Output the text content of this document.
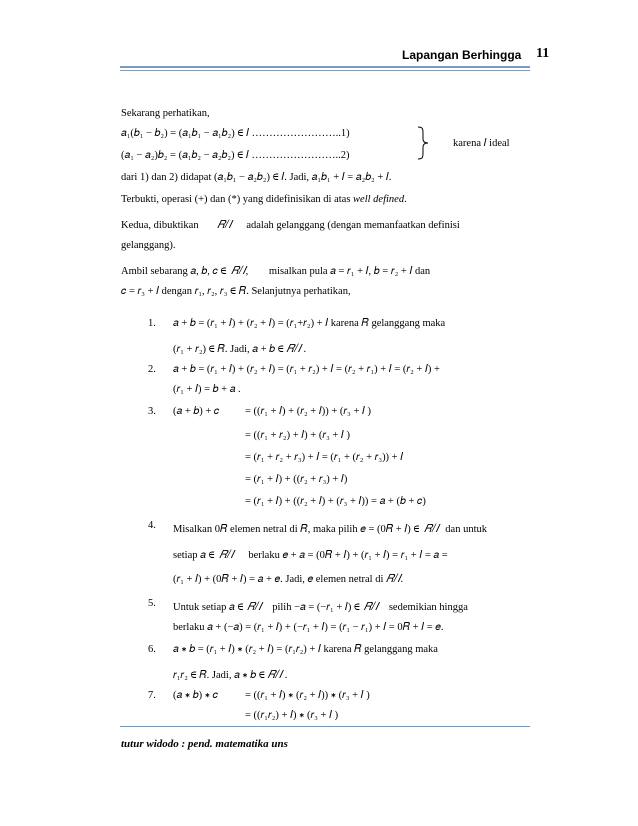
Lapangan Berhingga 11
Sekarang perhatikan,
𝑎₁(𝑏₁ − 𝑏₂) = (𝑎₁𝑏₁ − 𝑎₁𝑏₂) ∈ 𝐼 ……………………..1)
(𝑎₁ − 𝑎₂)𝑏₂ = (𝑎₁𝑏₂ − 𝑎₂𝑏₂) ∈ 𝐼 ……………………..2)
karena 𝐼 ideal
dari 1) dan 2) didapat (𝑎₁𝑏₁ − 𝑎₂𝑏₂) ∈ 𝐼. Jadi, 𝑎₁𝑏₁ + 𝐼 = 𝑎₂𝑏₂ + 𝐼.
Terbukti, operasi (+) dan (*) yang didefinisikan di atas well defined.
Kedua, dibuktikan 𝑅/𝐼 adalah gelanggang (dengan memanfaatkan definisi
gelanggang).
Ambil sebarang 𝑎, 𝑏, 𝑐 ∈ 𝑅/𝐼, misalkan pula 𝑎 = 𝑟₁ + 𝐼, 𝑏 = 𝑟₂ + 𝐼 dan
𝑐 = 𝑟₃ + 𝐼 dengan 𝑟₁, 𝑟₂, 𝑟₃ ∈ 𝑅. Selanjutnya perhatikan,
1.	𝑎 + 𝑏 = (𝑟₁ + 𝐼) + (𝑟₂ + 𝐼) = (𝑟₁+𝑟₂) + 𝐼 karena 𝑅 gelanggang maka
(𝑟₁ + 𝑟₂) ∈ 𝑅. Jadi, 𝑎 + 𝑏 ∈ 𝑅/𝐼 .
2.	𝑎 + 𝑏 = (𝑟₁ + 𝐼) + (𝑟₂ + 𝐼) = (𝑟₁ + 𝑟₂) + 𝐼 = (𝑟₂ + 𝑟₁) + 𝐼 = (𝑟₂ + 𝐼) +
(𝑟₁ + 𝐼) = 𝑏 + 𝑎 .
3.	(𝑎 + 𝑏) + 𝑐 = ((𝑟₁ + 𝐼) + (𝑟₂ + 𝐼)) + (𝑟₃ + 𝐼 )
= ((𝑟₁ + 𝑟₂) + 𝐼) + (𝑟₃ + 𝐼 )
= (𝑟₁ + 𝑟₂ + 𝑟₃) + 𝐼 = (𝑟₁ + (𝑟₂ + 𝑟₃)) + 𝐼
= (𝑟₁ + 𝐼) + ((𝑟₂ + 𝑟₃) + 𝐼)
= (𝑟₁ + 𝐼) + ((𝑟₂ + 𝐼) + (𝑟₃ + 𝐼)) = 𝑎 + (𝑏 + 𝑐)
4.	Misalkan 0𝑅 elemen netral di 𝑅, maka pilih 𝑒 = (0𝑅 + 𝐼) ∈ 𝑅/𝐼 dan untuk
setiap 𝑎 ∈ 𝑅/𝐼 berlaku 𝑒 + 𝑎 = (0𝑅 + 𝐼) + (𝑟₁ + 𝐼) = 𝑟₁ + 𝐼 = 𝑎 =
(𝑟₁ + 𝐼) + (0𝑅 + 𝐼) = 𝑎 + 𝑒. Jadi, 𝑒 elemen netral di 𝑅/𝐼.
5.	Untuk setiap 𝑎 ∈ 𝑅/𝐼 pilih −𝑎 = (−𝑟₁ + 𝐼) ∈ 𝑅/𝐼 sedemikian hingga
berlaku 𝑎 + (−𝑎) = (𝑟₁ + 𝐼) + (−𝑟₁ + 𝐼) = (𝑟₁ − 𝑟₁) + 𝐼 = 0𝑅 + 𝐼 = 𝑒.
6.	𝑎 ∗ 𝑏 = (𝑟₁ + 𝐼) ∗ (𝑟₂ + 𝐼) = (𝑟₁𝑟₂) + 𝐼 karena 𝑅 gelanggang maka
𝑟₁𝑟₂ ∈ 𝑅. Jadi, 𝑎 ∗ 𝑏 ∈ 𝑅/𝐼 .
7.	(𝑎 ∗ 𝑏) ∗ 𝑐	= ((𝑟₁ + 𝐼) ∗ (𝑟₂ + 𝐼)) ∗ (𝑟₃ + 𝐼 )
= ((𝑟₁𝑟₂) + 𝐼) ∗ (𝑟₃ + 𝐼 )
tutur widodo : pend. matematika uns
